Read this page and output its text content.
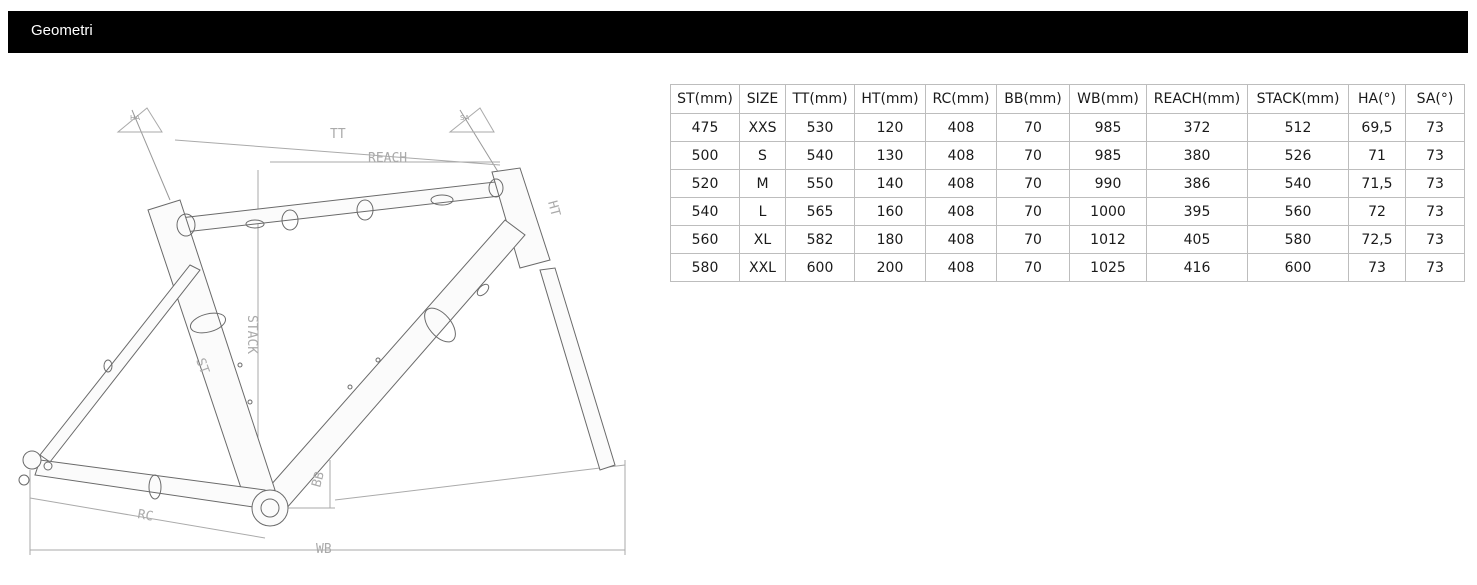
Geometri
HA	SA
REACH
STACK
ST
RC
BB
WB
TT
HT
ST(mm)	SIZE	TT(mm)	HT(mm)	RC(mm)	BB(mm)	WB(mm)	REACH(mm)	STACK(mm)	HA(°)	SA(°)
475	XXS	530	120	408	70	985	372	512	69,5	73
500	S	540	130	408	70	985	380	526	71	73
520	M	550	140	408	70	990	386	540	71,5	73
540	L	565	160	408	70	1000	395	560	72	73
560	XL	582	180	408	70	1012	405	580	72,5	73
580	XXL	600	200	408	70	1025	416	600	73	73
